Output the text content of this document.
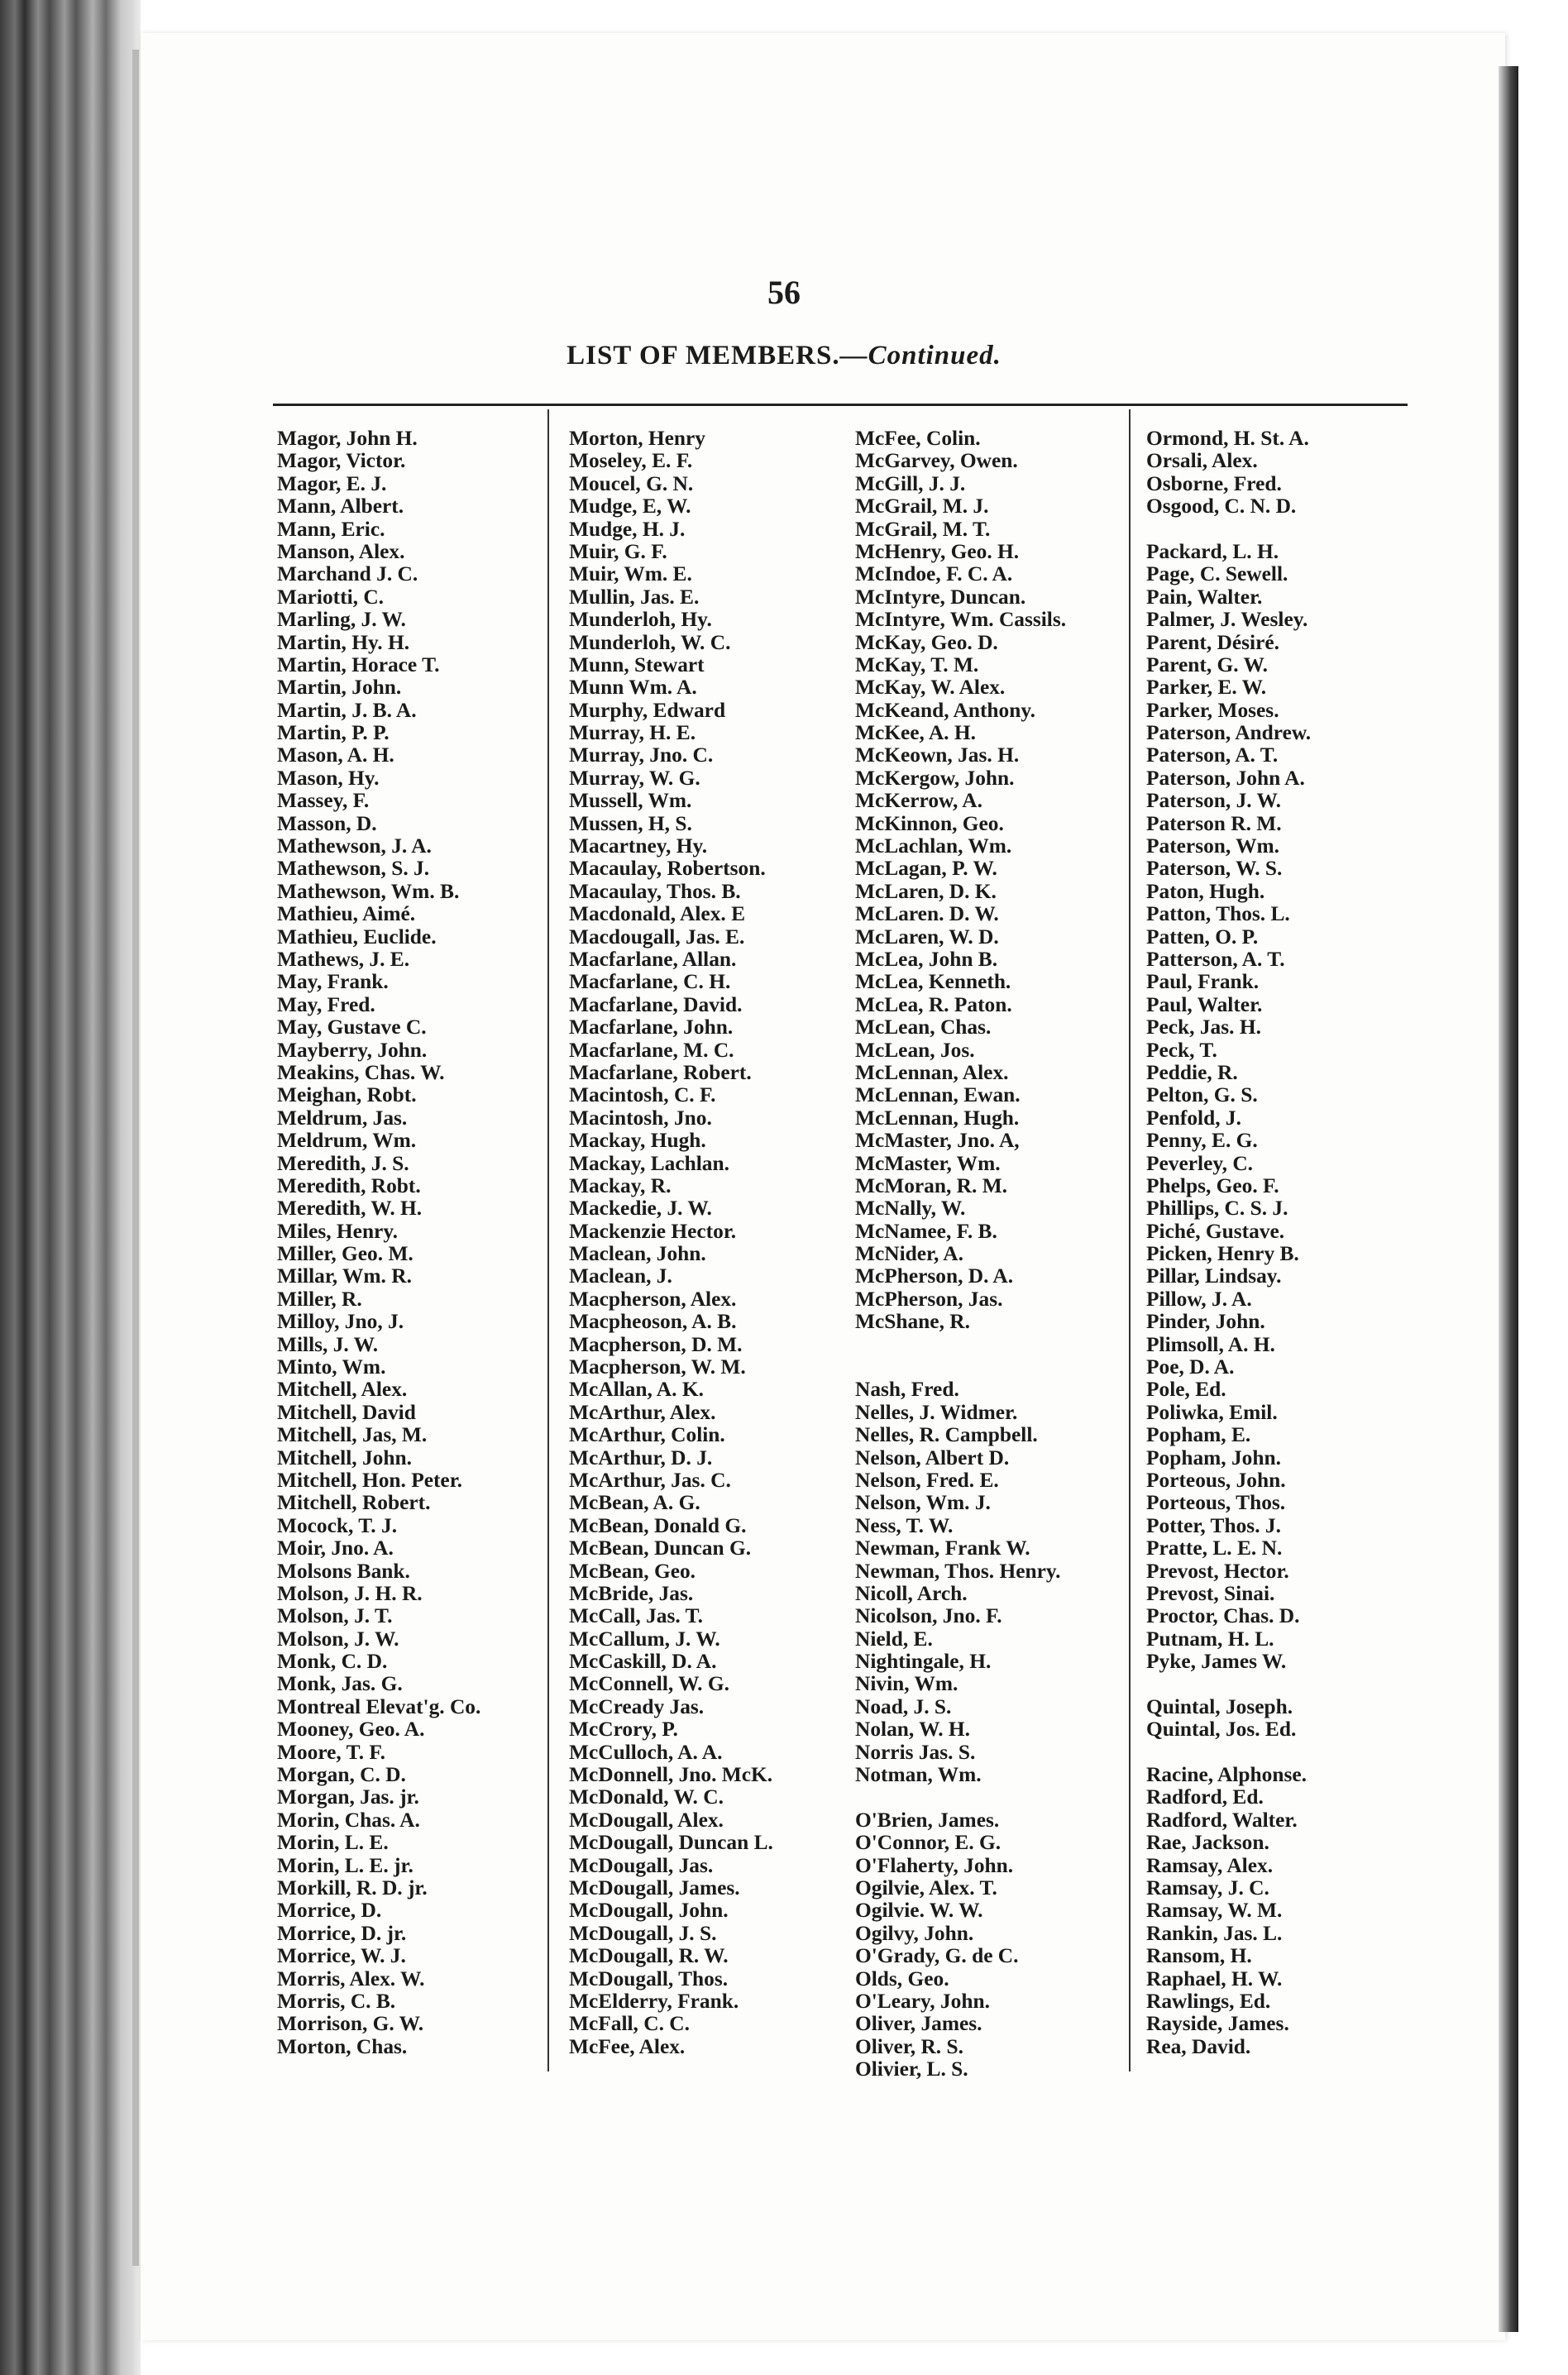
56
LIST OF MEMBERS.—Continued.
Magor, John H.
Magor, Victor.
Magor, E. J.
Mann, Albert.
Mann, Eric.
Manson, Alex.
Marchand J. C.
Mariotti, C.
Marling, J. W.
Martin, Hy. H.
Martin, Horace T.
Martin, John.
Martin, J. B. A.
Martin, P. P.
Mason, A. H.
Mason, Hy.
Massey, F.
Masson, D.
Mathewson, J. A.
Mathewson, S. J.
Mathewson, Wm. B.
Mathieu, Aimé.
Mathieu, Euclide.
Mathews, J. E.
May, Frank.
May, Fred.
May, Gustave C.
Mayberry, John.
Meakins, Chas. W.
Meighan, Robt.
Meldrum, Jas.
Meldrum, Wm.
Meredith, J. S.
Meredith, Robt.
Meredith, W. H.
Miles, Henry.
Miller, Geo. M.
Millar, Wm. R.
Miller, R.
Milloy, Jno, J.
Mills, J. W.
Minto, Wm.
Mitchell, Alex.
Mitchell, David
Mitchell, Jas, M.
Mitchell, John.
Mitchell, Hon. Peter.
Mitchell, Robert.
Mocock, T. J.
Moir, Jno. A.
Molsons Bank.
Molson, J. H. R.
Molson, J. T.
Molson, J. W.
Monk, C. D.
Monk, Jas. G.
Montreal Elevat'g. Co.
Mooney, Geo. A.
Moore, T. F.
Morgan, C. D.
Morgan, Jas. jr.
Morin, Chas. A.
Morin, L. E.
Morin, L. E. jr.
Morkill, R. D. jr.
Morrice, D.
Morrice, D. jr.
Morrice, W. J.
Morris, Alex. W.
Morris, C. B.
Morrison, G. W.
Morton, Chas.
Morton, Henry
Moseley, E. F.
Moucel, G. N.
Mudge, E, W.
Mudge, H. J.
Muir, G. F.
Muir, Wm. E.
Mullin, Jas. E.
Munderloh, Hy.
Munderloh, W. C.
Munn, Stewart
Munn Wm. A.
Murphy, Edward
Murray, H. E.
Murray, Jno. C.
Murray, W. G.
Mussell, Wm.
Mussen, H, S.
Macartney, Hy.
Macaulay, Robertson.
Macaulay, Thos. B.
Macdonald, Alex. E
Macdougall, Jas. E.
Macfarlane, Allan.
Macfarlane, C. H.
Macfarlane, David.
Macfarlane, John.
Macfarlane, M. C.
Macfarlane, Robert.
Macintosh, C. F.
Macintosh, Jno.
Mackay, Hugh.
Mackay, Lachlan.
Mackay, R.
Mackedie, J. W.
Mackenzie Hector.
Maclean, John.
Maclean, J.
Macpherson, Alex.
Macpheoson, A. B.
Macpherson, D. M.
Macpherson, W. M.
McAllan, A. K.
McArthur, Alex.
McArthur, Colin.
McArthur, D. J.
McArthur, Jas. C.
McBean, A. G.
McBean, Donald G.
McBean, Duncan G.
McBean, Geo.
McBride, Jas.
McCall, Jas. T.
McCallum, J. W.
McCaskill, D. A.
McConnell, W. G.
McCready Jas.
McCrory, P.
McCulloch, A. A.
McDonnell, Jno. McK.
McDonald, W. C.
McDougall, Alex.
McDougall, Duncan L.
McDougall, Jas.
McDougall, James.
McDougall, John.
McDougall, J. S.
McDougall, R. W.
McDougall, Thos.
McElderry, Frank.
McFall, C. C.
McFee, Alex.
McFee, Colin.
McGarvey, Owen.
McGill, J. J.
McGrail, M. J.
McGrail, M. T.
McHenry, Geo. H.
McIndoe, F. C. A.
McIntyre, Duncan.
McIntyre, Wm. Cassils.
McKay, Geo. D.
McKay, T. M.
McKay, W. Alex.
McKeand, Anthony.
McKee, A. H.
McKeown, Jas. H.
McKergow, John.
McKerrow, A.
McKinnon, Geo.
McLachlan, Wm.
McLagan, P. W.
McLaren, D. K.
McLaren. D. W.
McLaren, W. D.
McLea, John B.
McLea, Kenneth.
McLea, R. Paton.
McLean, Chas.
McLean, Jos.
McLennan, Alex.
McLennan, Ewan.
McLennan, Hugh.
McMaster, Jno. A,
McMaster, Wm.
McMoran, R. M.
McNally, W.
McNamee, F. B.
McNider, A.
McPherson, D. A.
McPherson, Jas.
McShane, R.
Nash, Fred.
Nelles, J. Widmer.
Nelles, R. Campbell.
Nelson, Albert D.
Nelson, Fred. E.
Nelson, Wm. J.
Ness, T. W.
Newman, Frank W.
Newman, Thos. Henry.
Nicoll, Arch.
Nicolson, Jno. F.
Nield, E.
Nightingale, H.
Nivin, Wm.
Noad, J. S.
Nolan, W. H.
Norris Jas. S.
Notman, Wm.
O'Brien, James.
O'Connor, E. G.
O'Flaherty, John.
Ogilvie, Alex. T.
Ogilvie. W. W.
Ogilvy, John.
O'Grady, G. de C.
Olds, Geo.
O'Leary, John.
Oliver, James.
Oliver, R. S.
Olivier, L. S.
Ormond, H. St. A.
Orsali, Alex.
Osborne, Fred.
Osgood, C. N. D.
Packard, L. H.
Page, C. Sewell.
Pain, Walter.
Palmer, J. Wesley.
Parent, Désiré.
Parent, G. W.
Parker, E. W.
Parker, Moses.
Paterson, Andrew.
Paterson, A. T.
Paterson, John A.
Paterson, J. W.
Paterson R. M.
Paterson, Wm.
Paterson, W. S.
Paton, Hugh.
Patton, Thos. L.
Patten, O. P.
Patterson, A. T.
Paul, Frank.
Paul, Walter.
Peck, Jas. H.
Peck, T.
Peddie, R.
Pelton, G. S.
Penfold, J.
Penny, E. G.
Peverley, C.
Phelps, Geo. F.
Phillips, C. S. J.
Piché, Gustave.
Picken, Henry B.
Pillar, Lindsay.
Pillow, J. A.
Pinder, John.
Plimsoll, A. H.
Poe, D. A.
Pole, Ed.
Poliwka, Emil.
Popham, E.
Popham, John.
Porteous, John.
Porteous, Thos.
Potter, Thos. J.
Pratte, L. E. N.
Prevost, Hector.
Prevost, Sinai.
Proctor, Chas. D.
Putnam, H. L.
Pyke, James W.
Quintal, Joseph.
Quintal, Jos. Ed.
Racine, Alphonse.
Radford, Ed.
Radford, Walter.
Rae, Jackson.
Ramsay, Alex.
Ramsay, J. C.
Ramsay, W. M.
Rankin, Jas. L.
Ransom, H.
Raphael, H. W.
Rawlings, Ed.
Rayside, James.
Rea, David.
